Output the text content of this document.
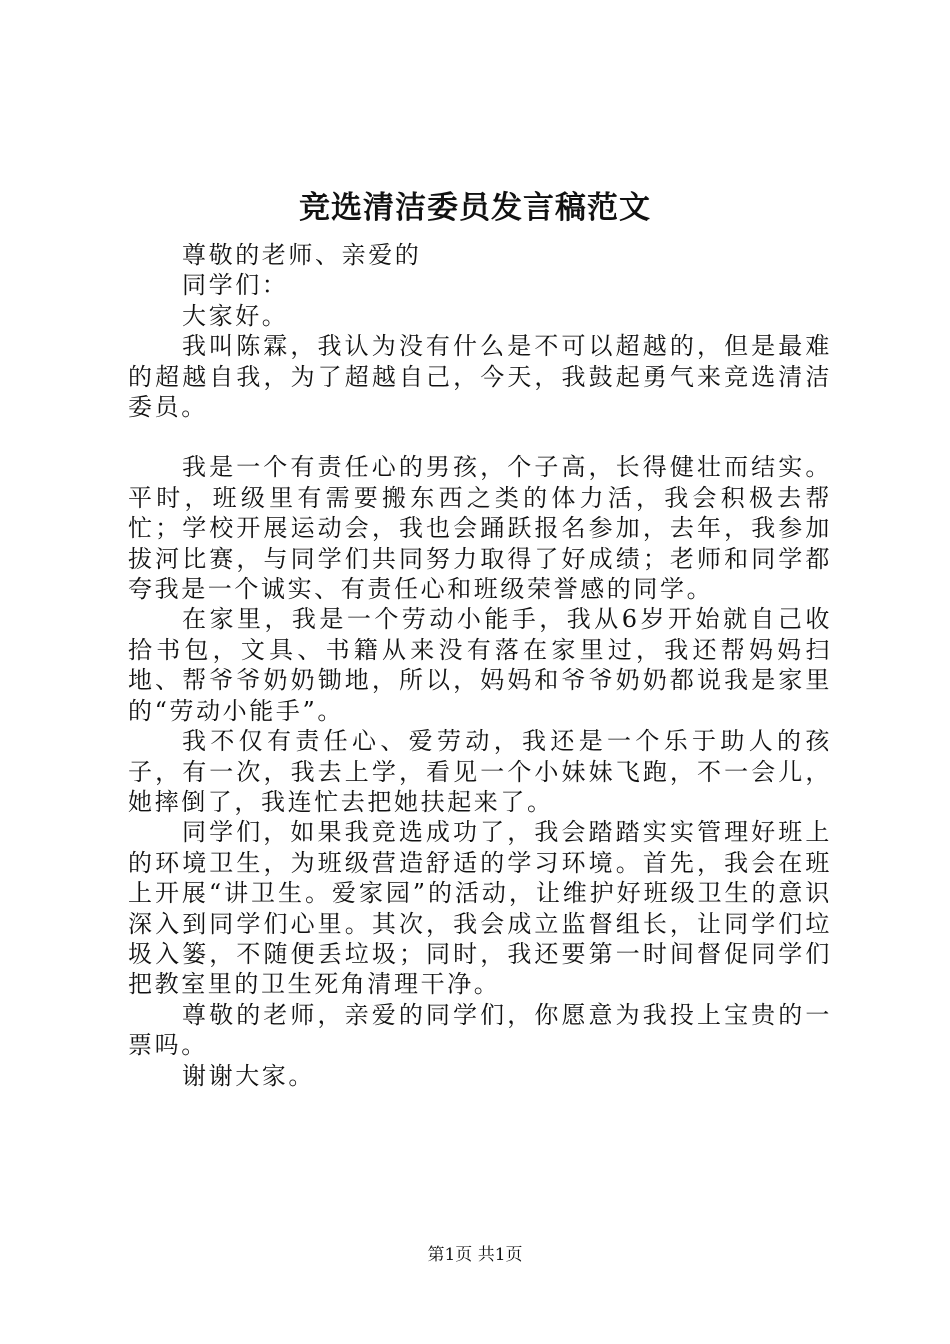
竞选清洁委员发言稿范文

尊敬的老师、亲爱的

同学们：

大家好。

我叫陈霖，我认为没有什么是不可以超越的，但是最难的超越自我，为了超越自己，今天，我鼓起勇气来竞选清洁委员。

我是一个有责任心的男孩，个子高，长得健壮而结实。平时，班级里有需要搬东西之类的体力活，我会积极去帮忙；学校开展运动会，我也会踊跃报名参加，去年，我参加拔河比赛，与同学们共同努力取得了好成绩；老师和同学都夸我是一个诚实、有责任心和班级荣誉感的同学。

在家里，我是一个劳动小能手，我从6岁开始就自己收拾书包，文具、书籍从来没有落在家里过，我还帮妈妈扫地、帮爷爷奶奶锄地，所以，妈妈和爷爷奶奶都说我是家里的“劳动小能手”。

我不仅有责任心、爱劳动，我还是一个乐于助人的孩子，有一次，我去上学，看见一个小妹妹飞跑，不一会儿，她摔倒了，我连忙去把她扶起来了。

同学们，如果我竞选成功了，我会踏踏实实管理好班上的环境卫生，为班级营造舒适的学习环境。首先，我会在班上开展“讲卫生。爱家园”的活动，让维护好班级卫生的意识深入到同学们心里。其次，我会成立监督组长，让同学们垃圾入篓，不随便丢垃圾；同时，我还要第一时间督促同学们把教室里的卫生死角清理干净。

尊敬的老师，亲爱的同学们，你愿意为我投上宝贵的一票吗。

谢谢大家。

第1页 共1页
